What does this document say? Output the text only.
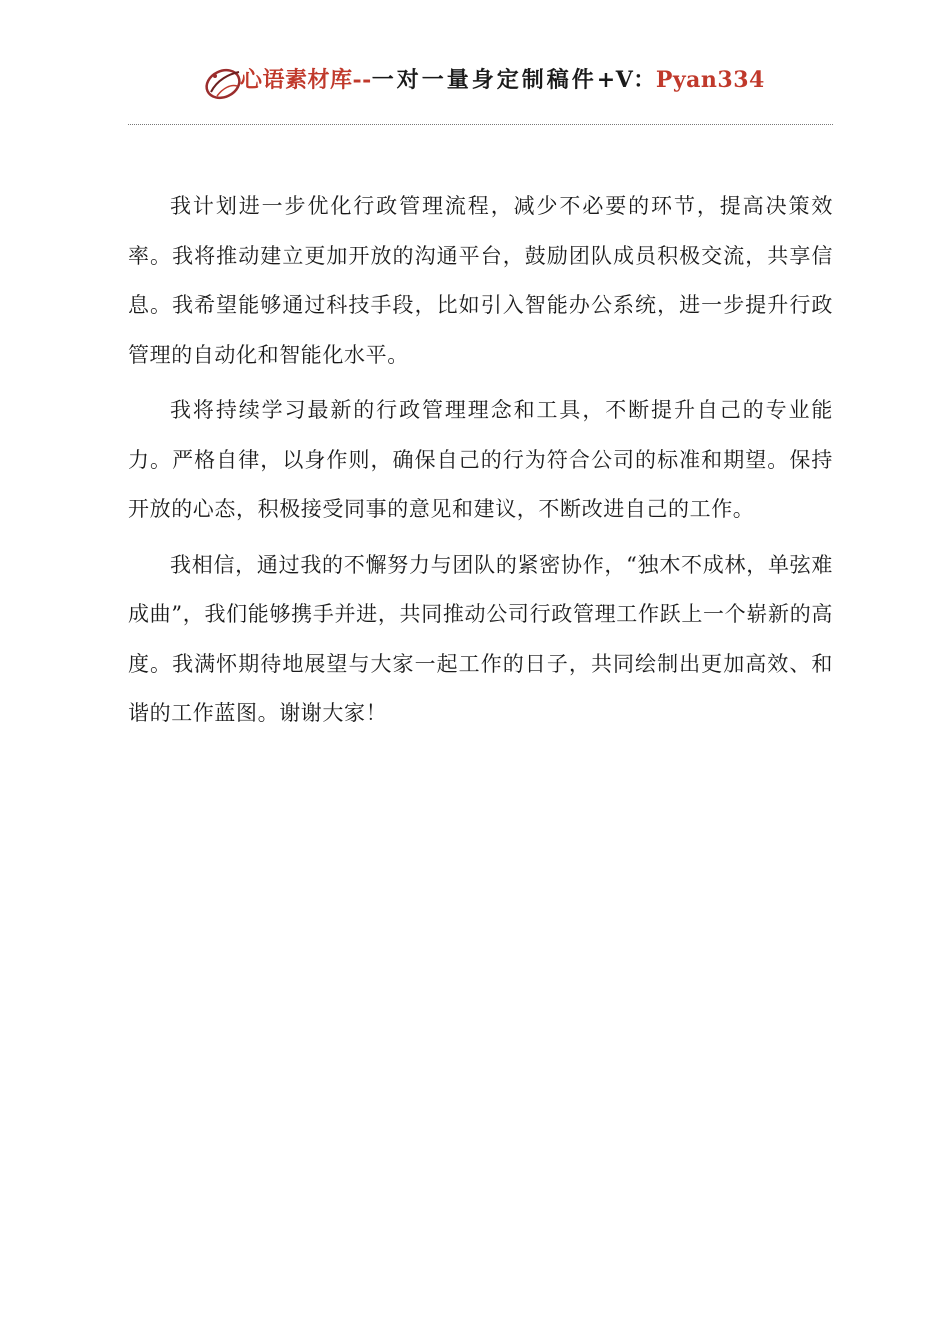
心语素材库--一对一量身定制稿件+V：Pyan334

我计划进一步优化行政管理流程，减少不必要的环节，提高决策效率。我将推动建立更加开放的沟通平台，鼓励团队成员积极交流，共享信息。我希望能够通过科技手段，比如引入智能办公系统，进一步提升行政管理的自动化和智能化水平。

我将持续学习最新的行政管理理念和工具，不断提升自己的专业能力。严格自律，以身作则，确保自己的行为符合公司的标准和期望。保持开放的心态，积极接受同事的意见和建议，不断改进自己的工作。

我相信，通过我的不懈努力与团队的紧密协作，“独木不成林，单弦难成曲”，我们能够携手并进，共同推动公司行政管理工作跃上一个崭新的高度。我满怀期待地展望与大家一起工作的日子，共同绘制出更加高效、和谐的工作蓝图。谢谢大家！
